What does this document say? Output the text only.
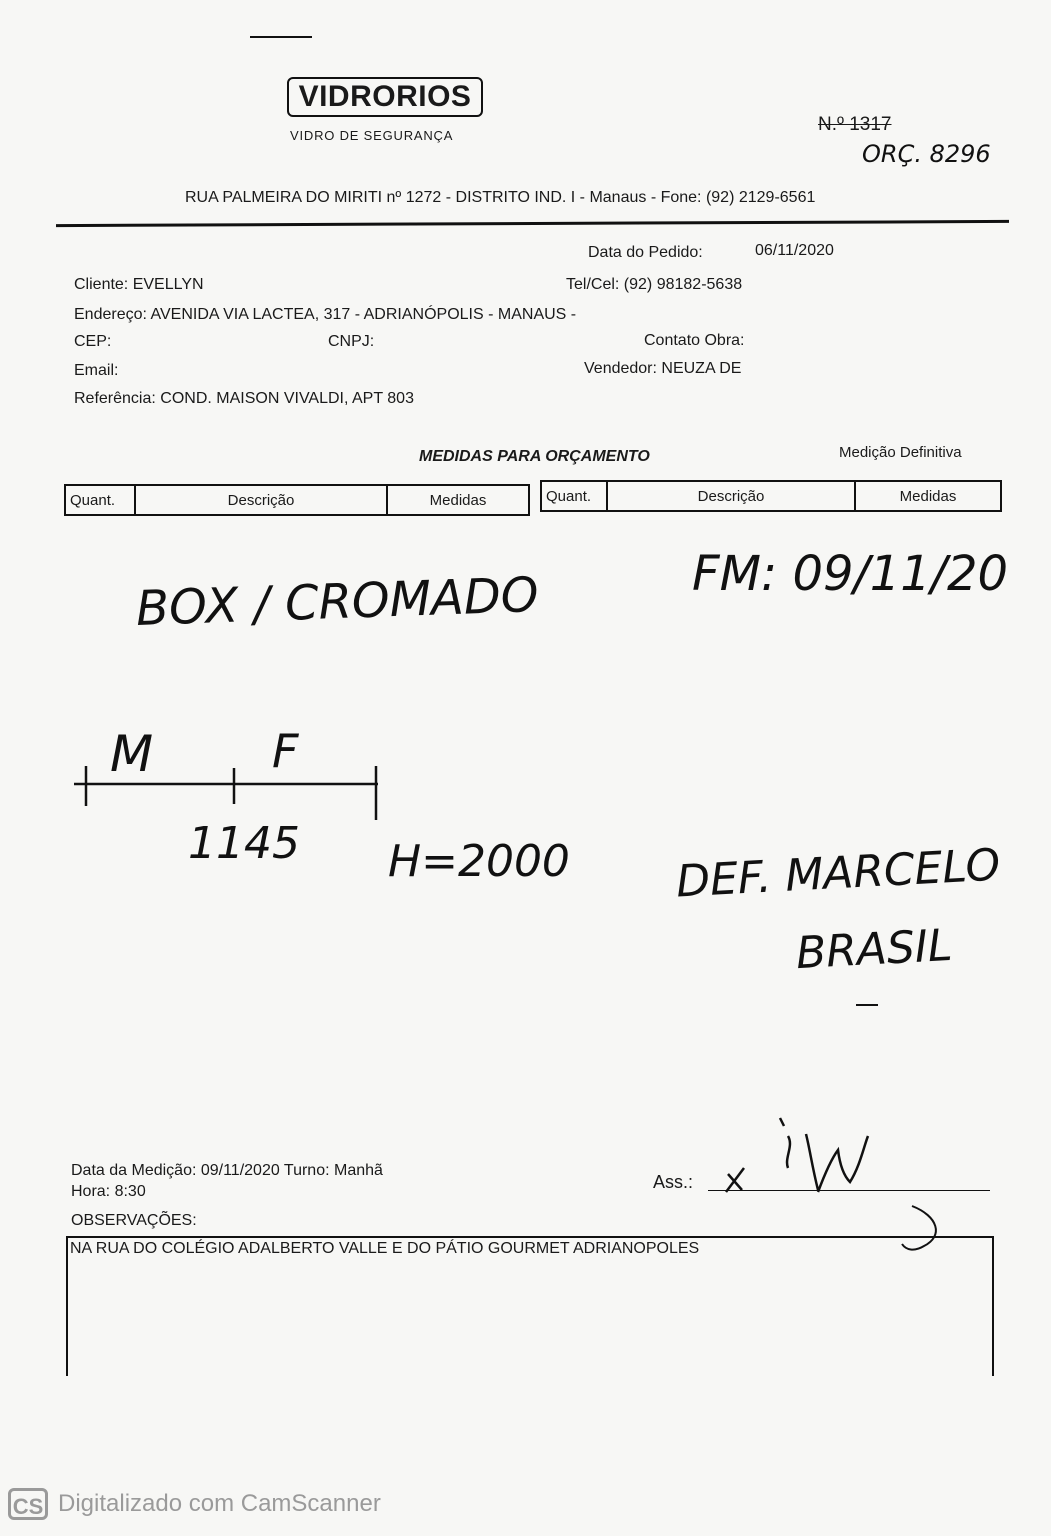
VIDRORIOS
VIDRO DE SEGURANÇA
N.º 1317
ORÇ. 8296
RUA PALMEIRA DO MIRITI nº 1272 - DISTRITO IND. I - Manaus - Fone: (92) 2129-6561
Data do Pedido:	06/11/2020
Cliente: EVELLYN	Tel/Cel: (92) 98182-5638
Endereço: AVENIDA VIA LACTEA, 317 - ADRIANÓPOLIS - MANAUS -
CEP:	CNPJ:	Contato Obra:
Email:	Vendedor: NEUZA DE
Referência: COND. MAISON VIVALDI, APT 803
MEDIDAS PARA ORÇAMENTO	Medição Definitiva
Quant.	Descrição	Medidas	Quant.	Descrição	Medidas
BOX / CROMADO	FM: 09/11/20
M	F
1145 H=2000 DEF. MARCELO
BRASIL
Data da Medição: 09/11/2020 Turno: Manhã
Hora: 8:30	Ass.:
OBSERVAÇÕES:
NA RUA DO COLÉGIO ADALBERTO VALLE E DO PÁTIO GOURMET ADRIANOPOLES
CS Digitalizado com CamScanner
